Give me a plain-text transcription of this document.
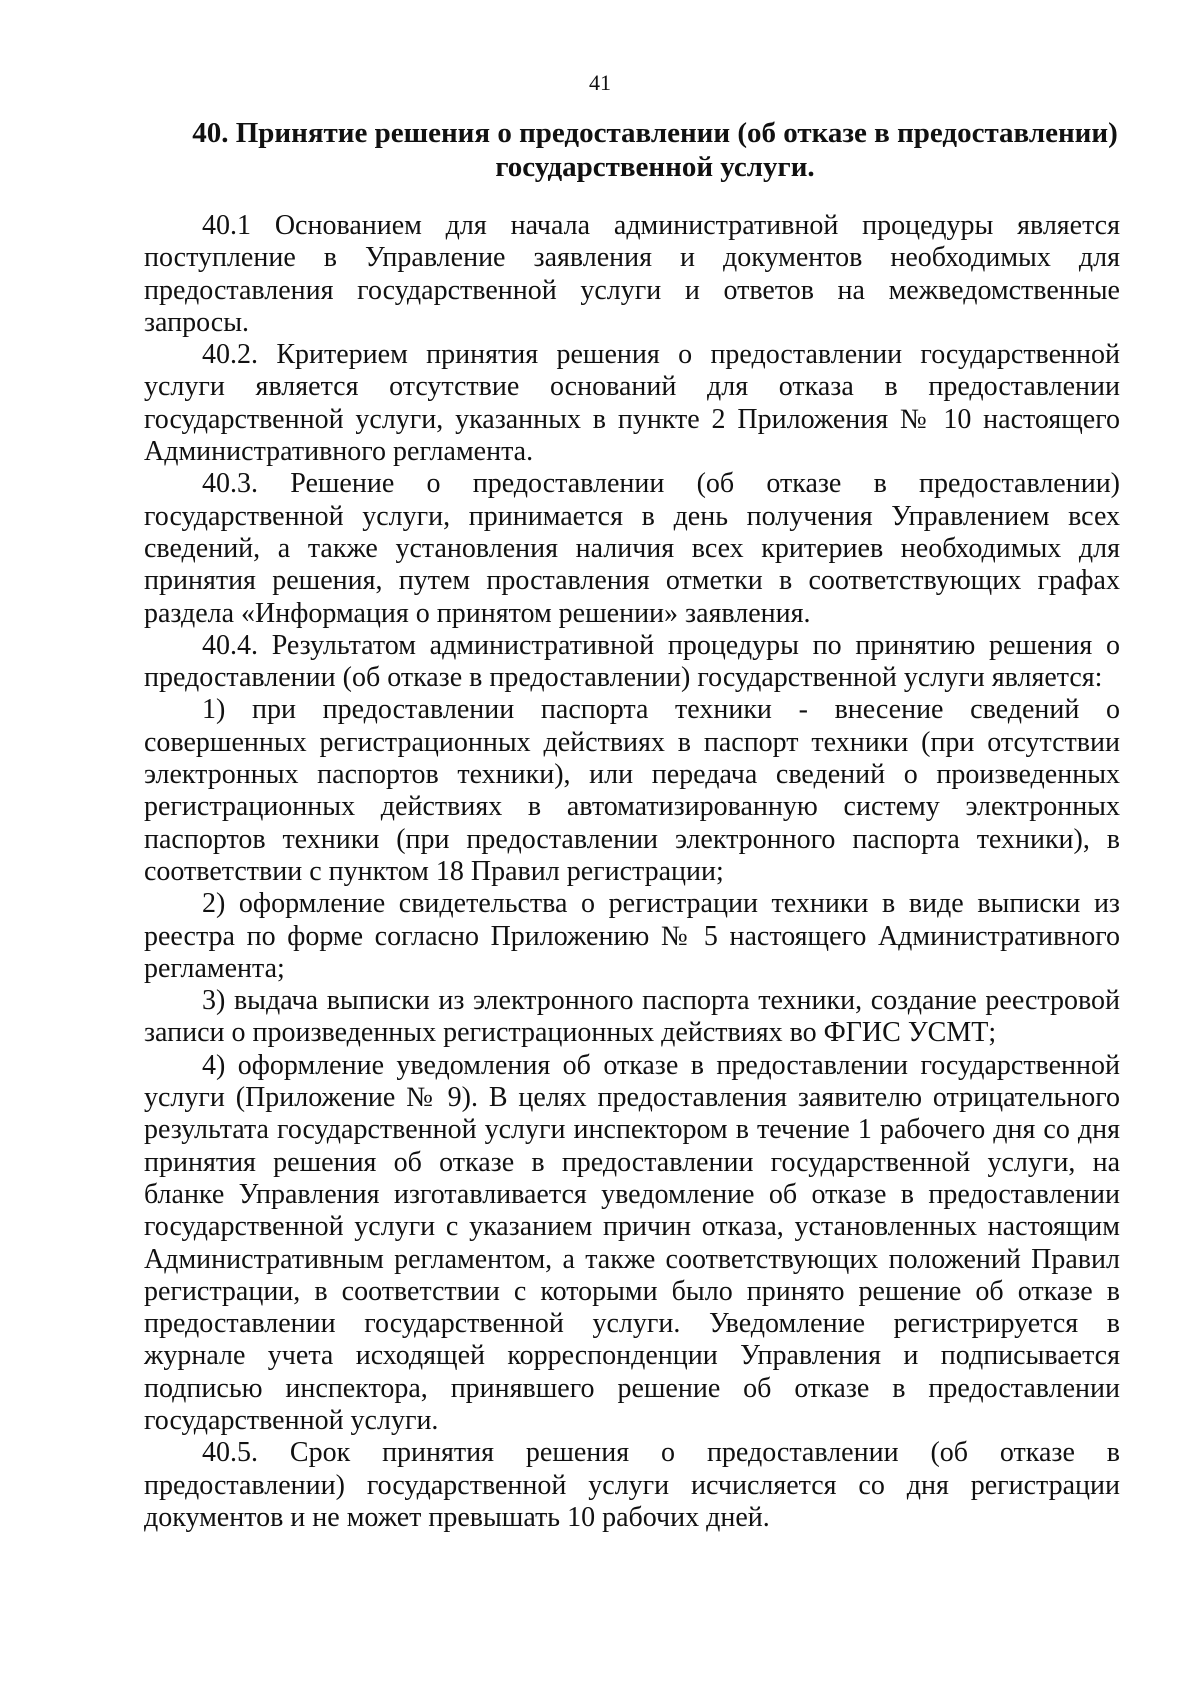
41
40. Принятие решения о предоставлении (об отказе в предоставлении)
государственной услуги.

40.1 Основанием для начала административной процедуры является поступление в Управление заявления и документов необходимых для предоставления государственной услуги и ответов на межведомственные запросы.

40.2. Критерием принятия решения о предоставлении государственной услуги является отсутствие оснований для отказа в предоставлении государственной услуги, указанных в пункте 2 Приложения № 10 настоящего Административного регламента.

40.3. Решение о предоставлении (об отказе в предоставлении) государственной услуги, принимается в день получения Управлением всех сведений, а также установления наличия всех критериев необходимых для принятия решения, путем проставления отметки в соответствующих графах раздела «Информация о принятом решении» заявления.

40.4. Результатом административной процедуры по принятию решения о предоставлении (об отказе в предоставлении) государственной услуги является:

1) при предоставлении паспорта техники - внесение сведений о совершенных регистрационных действиях в паспорт техники (при отсутствии электронных паспортов техники), или передача сведений о произведенных регистрационных действиях в автоматизированную систему электронных паспортов техники (при предоставлении электронного паспорта техники), в соответствии с пунктом 18 Правил регистрации;

2) оформление свидетельства о регистрации техники в виде выписки из реестра по форме согласно Приложению № 5 настоящего Административного регламента;

3) выдача выписки из электронного паспорта техники, создание реестровой записи о произведенных регистрационных действиях во ФГИС УСМТ;

4) оформление уведомления об отказе в предоставлении государственной услуги (Приложение № 9). В целях предоставления заявителю отрицательного результата государственной услуги инспектором в течение 1 рабочего дня со дня принятия решения об отказе в предоставлении государственной услуги, на бланке Управления изготавливается уведомление об отказе в предоставлении государственной услуги с указанием причин отказа, установленных настоящим Административным регламентом, а также соответствующих положений Правил регистрации, в соответствии с которыми было принято решение об отказе в предоставлении государственной услуги. Уведомление регистрируется в журнале учета исходящей корреспонденции Управления и подписывается подписью инспектора, принявшего решение об отказе в предоставлении государственной услуги.

40.5. Срок принятия решения о предоставлении (об отказе в предоставлении) государственной услуги исчисляется со дня регистрации документов и не может превышать 10 рабочих дней.
